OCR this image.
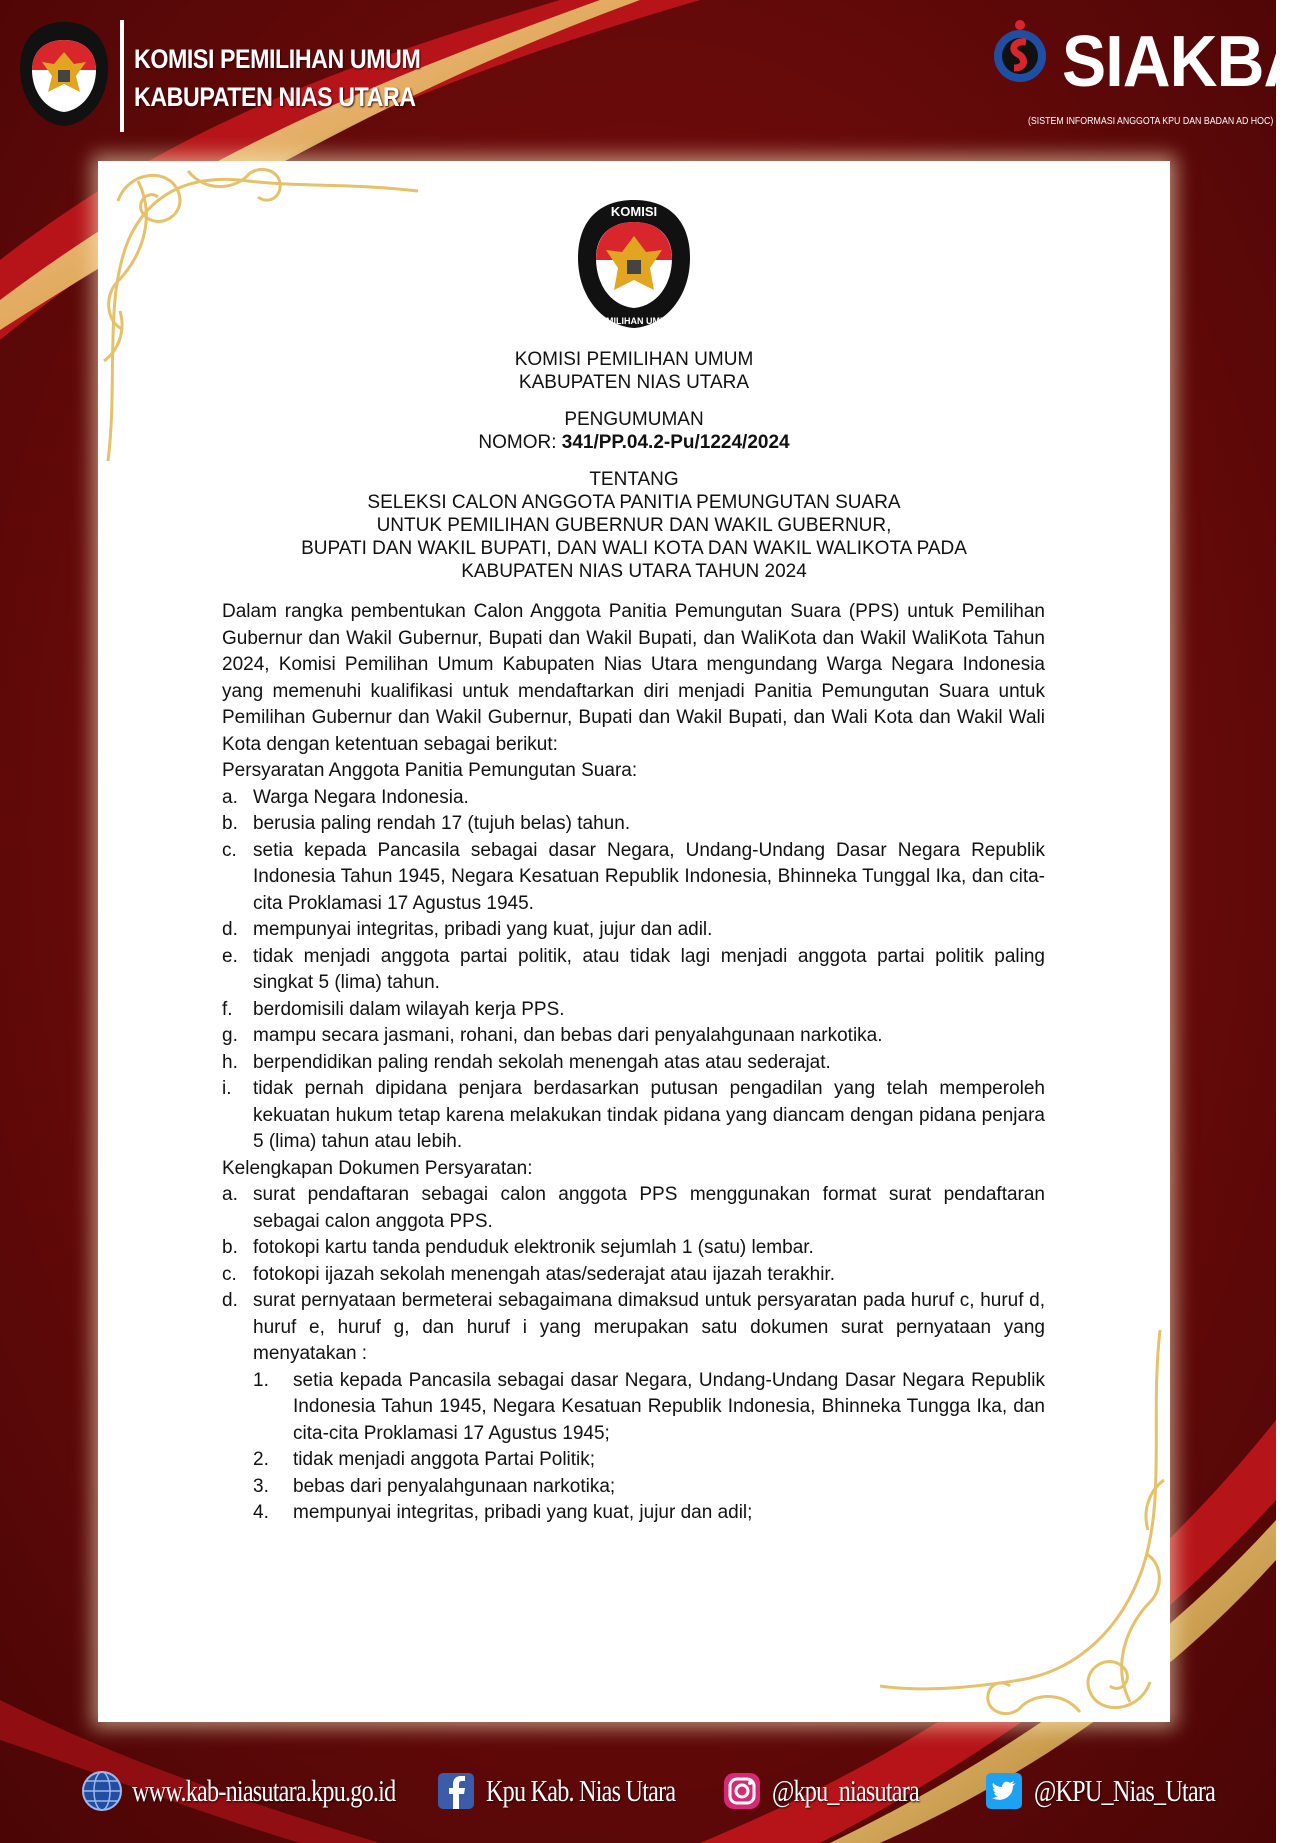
KOMISI PEMILIHAN UMUM
KABUPATEN NIAS UTARA	SIAKBA
(SISTEM INFORMASI ANGGOTA KPU DAN BADAN AD HOC)
KOMISI
PEMILIHAN UMUM
KOMISI PEMILIHAN UMUM
KABUPATEN NIAS UTARA
PENGUMUMAN
NOMOR: 341/PP.04.2-Pu/1224/2024
TENTANG
SELEKSI CALON ANGGOTA PANITIA PEMUNGUTAN SUARA
UNTUK PEMILIHAN GUBERNUR DAN WAKIL GUBERNUR,
BUPATI DAN WAKIL BUPATI, DAN WALI KOTA DAN WAKIL WALIKOTA PADA
KABUPATEN NIAS UTARA TAHUN 2024

Dalam rangka pembentukan Calon Anggota Panitia Pemungutan Suara (PPS) untuk Pemilihan Gubernur dan Wakil Gubernur, Bupati dan Wakil Bupati, dan WaliKota dan Wakil WaliKota Tahun 2024, Komisi Pemilihan Umum Kabupaten Nias Utara mengundang Warga Negara Indonesia yang memenuhi kualifikasi untuk mendaftarkan diri menjadi Panitia Pemungutan Suara untuk Pemilihan Gubernur dan Wakil Gubernur, Bupati dan Wakil Bupati, dan Wali Kota dan Wakil Wali Kota dengan ketentuan sebagai berikut:

Persyaratan Anggota Panitia Pemungutan Suara:
a. Warga Negara Indonesia.
b. berusia paling rendah 17 (tujuh belas) tahun.
c. setia kepada Pancasila sebagai dasar Negara, Undang-Undang Dasar Negara Republik Indonesia Tahun 1945, Negara Kesatuan Republik Indonesia, Bhinneka Tunggal Ika, dan cita-cita Proklamasi 17 Agustus 1945.
d. mempunyai integritas, pribadi yang kuat, jujur dan adil.
e. tidak menjadi anggota partai politik, atau tidak lagi menjadi anggota partai politik paling singkat 5 (lima) tahun.
f.	berdomisili dalam wilayah kerja PPS.
g. mampu secara jasmani, rohani, dan bebas dari penyalahgunaan narkotika.
h. berpendidikan paling rendah sekolah menengah atas atau sederajat.
i.	tidak pernah dipidana penjara berdasarkan putusan pengadilan yang telah memperoleh kekuatan hukum tetap karena melakukan tindak pidana yang diancam dengan pidana penjara 5 (lima) tahun atau lebih.
Kelengkapan Dokumen Persyaratan:
a. surat pendaftaran sebagai calon anggota PPS menggunakan format surat pendaftaran sebagai calon anggota PPS.
b. fotokopi kartu tanda penduduk elektronik sejumlah 1 (satu) lembar.
c. fotokopi ijazah sekolah menengah atas/sederajat atau ijazah terakhir.
d. surat pernyataan bermeterai sebagaimana dimaksud untuk persyaratan pada huruf c, huruf d, huruf e, huruf g, dan huruf i yang merupakan satu dokumen surat pernyataan yang menyatakan :
1.	setia kepada Pancasila sebagai dasar Negara, Undang-Undang Dasar Negara Republik Indonesia Tahun 1945, Negara Kesatuan Republik Indonesia, Bhinneka Tungga Ika, dan cita-cita Proklamasi 17 Agustus 1945;
2.	tidak menjadi anggota Partai Politik;
3.	bebas dari penyalahgunaan narkotika;
4.	mempunyai integritas, pribadi yang kuat, jujur dan adil;
www.kab-niasutara.kpu.go.id	Kpu Kab. Nias Utara	@kpu_niasutara	@KPU_Nias_Utara
